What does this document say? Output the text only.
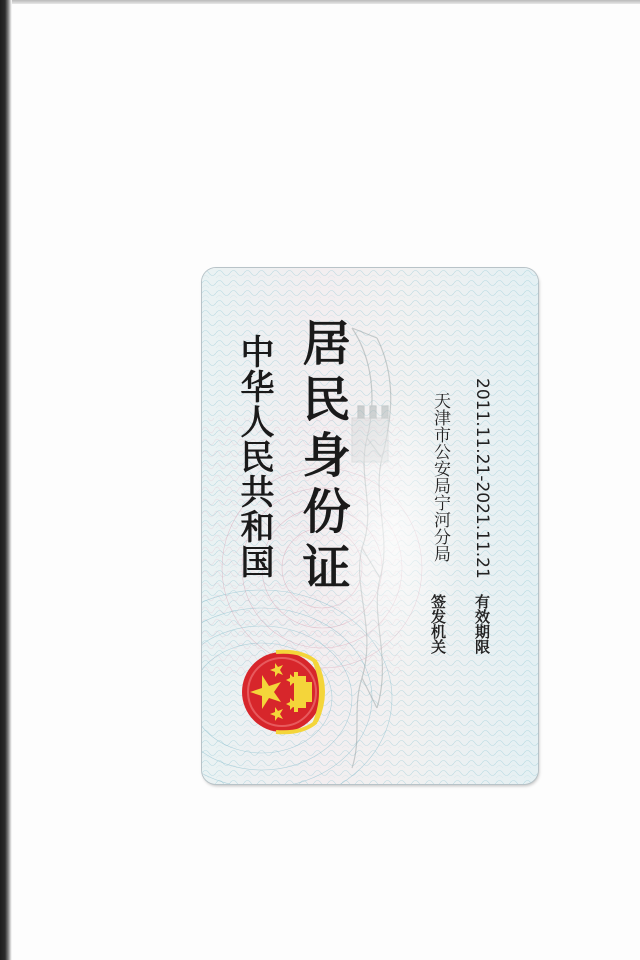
中华人民共和国 居民身份证
签发机关
天津市公安局宁河分局
有效期限
2011.11.21-2021.11.21
